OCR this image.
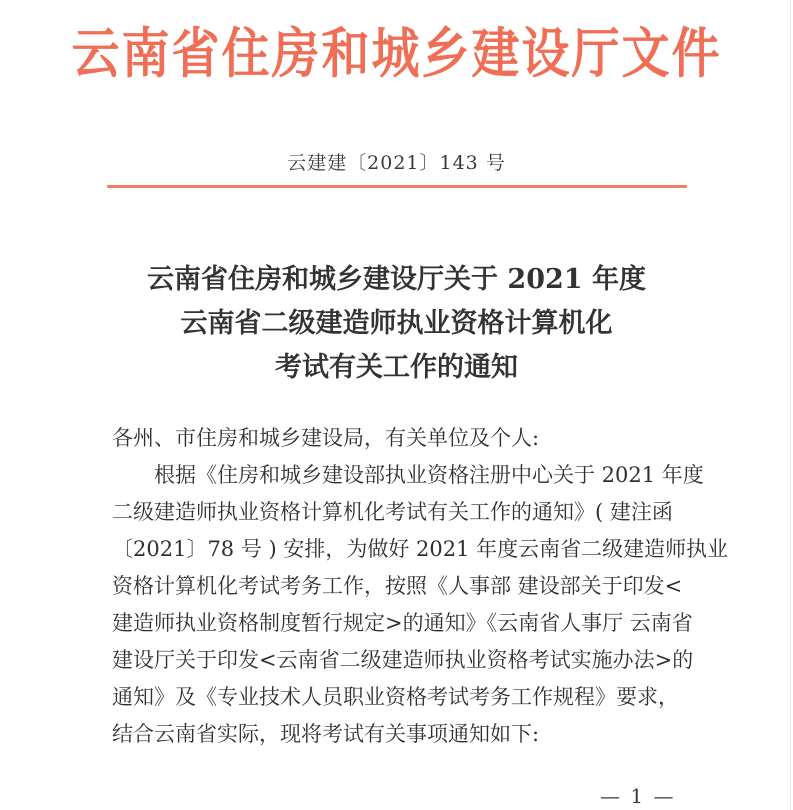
云南省住房和城乡建设厅文件
云建建〔2021〕143 号
云南省住房和城乡建设厅关于 2021 年度
云南省二级建造师执业资格计算机化
考试有关工作的通知
各州、市住房和城乡建设局，有关单位及个人:
根据《住房和城乡建设部执业资格注册中心关于 2021 年度
二级建造师执业资格计算机化考试有关工作的通知》( 建注函
〔2021〕78 号 ) 安排，为做好 2021 年度云南省二级建造师执业
资格计算机化考试考务工作，按照《人事部 建设部关于印发<
建造师执业资格制度暂行规定>的通知》《云南省人事厅 云南省
建设厅关于印发<云南省二级建造师执业资格考试实施办法>的
通知》及《专业技术人员职业资格考试考务工作规程》要求，
结合云南省实际，现将考试有关事项通知如下:
— 1 —
